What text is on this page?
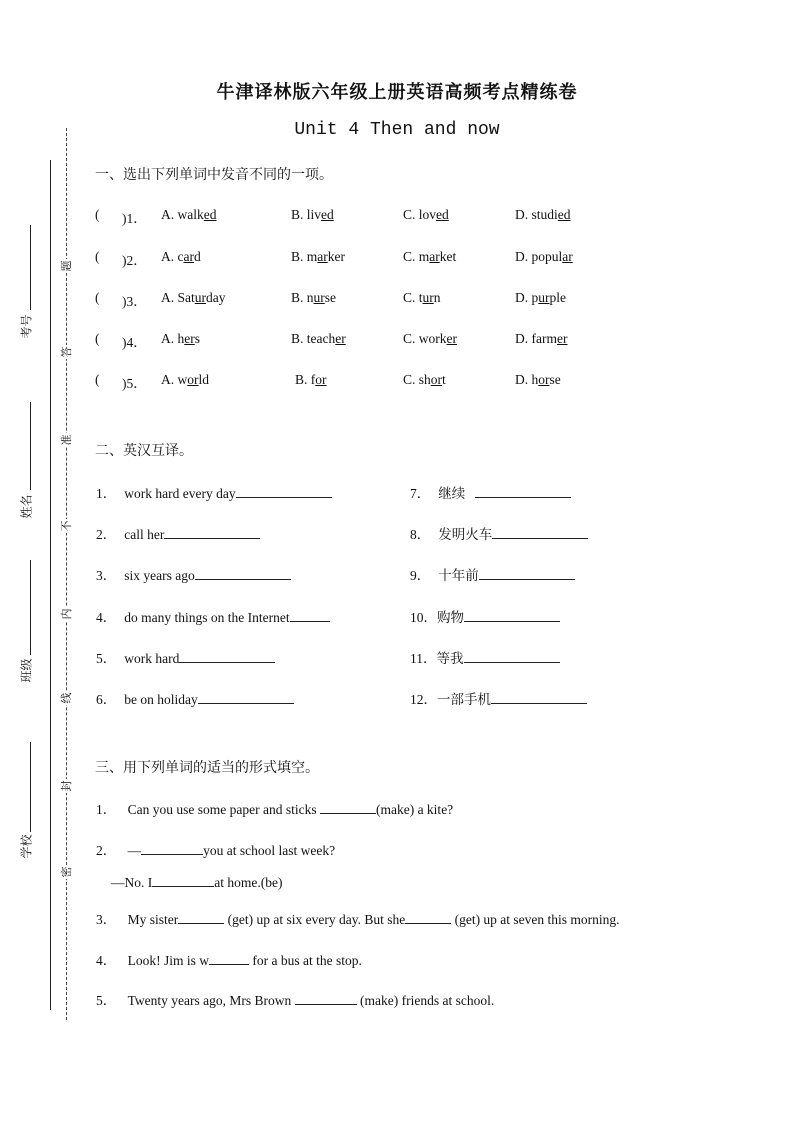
牛津译林版六年级上册英语高频考点精练卷
Unit 4 Then and now
考号
姓名
班级
学校
题
答
准
不
内
线
封
密
一、选出下列单词中发音不同的一项。
( )1． A. walked	B. lived	C. loved	D. studied
( )2． A. card	B. marker	C. market	D. popular
( )3． A. Saturday	B. nurse	C. turn	D. purple
( )4． A. hers	B. teacher	C. worker	D. farmer
( )5． A. world	B. for	C. short	D. horse
二、英汉互译。
1． work hard every day
2． call her
3． six years ago
4． do many things on the Internet
5． work hard
6． be on holiday
7． 继续
8． 发明火车
9． 十年前
10．购物
11．等我
12．一部手机
三、用下列单词的适当的形式填空。
1． Can you use some paper and sticks	(make) a kite?
2． —	you at school last week?
—No. I	at home.(be)
3． My sister	(get) up at six every day. But she	(get) up at seven this morning.
4． Look! Jim is w	for a bus at the stop.
5． Twenty years ago, Mrs Brown	(make) friends at school.
